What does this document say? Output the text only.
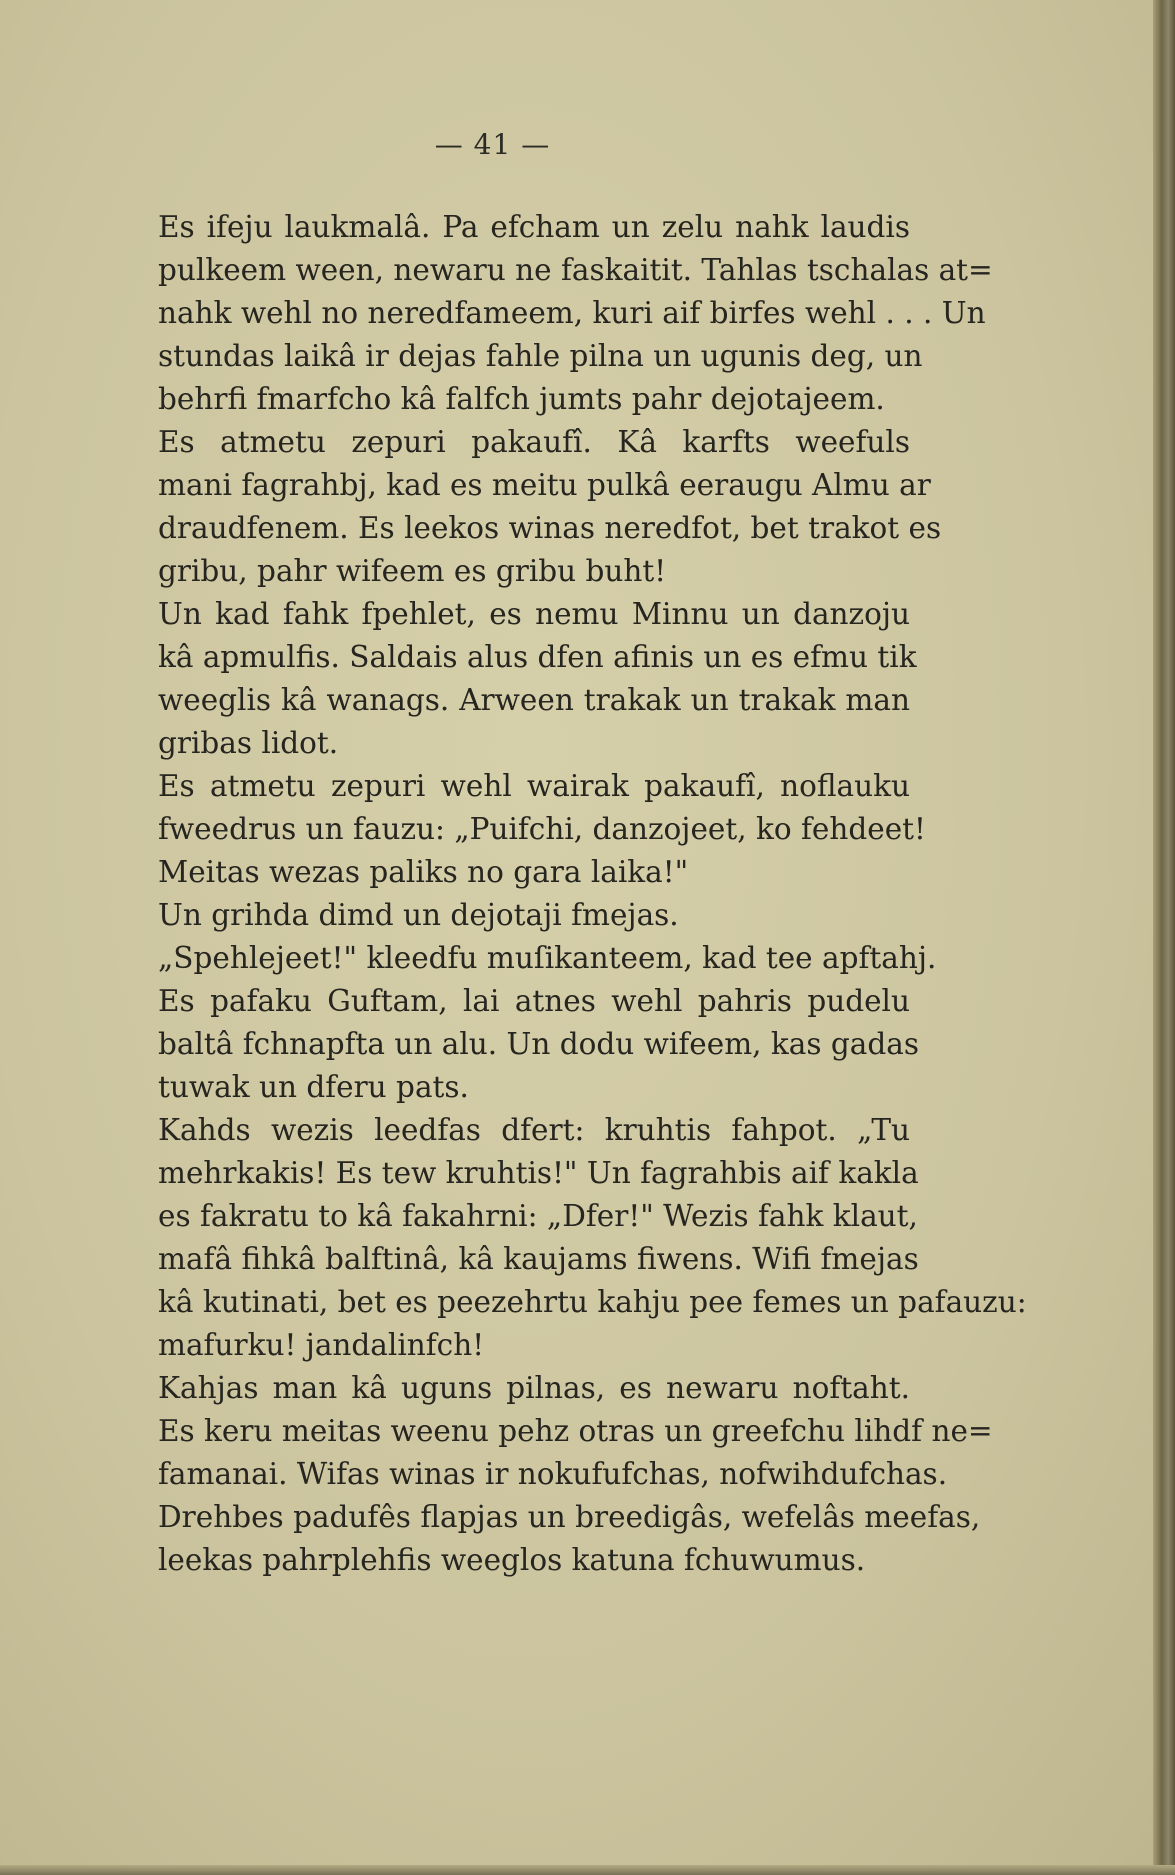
— 41 —
Es ifeju laukmalâ. Pa efcham un zelu nahk laudis
pulkeem ween, newaru ne faskaitit. Tahlas tschalas at=
nahk wehl no neredfameem, kuri aif birfes wehl . . . Un
stundas laikâ ir dejas fahle pilna un ugunis deg, un
behrfi fmarfcho kâ falfch jumts pahr dejotajeem.
Es atmetu zepuri pakaufî. Kâ karfts weefuls
mani fagrahbj, kad es meitu pulkâ eeraugu Almu ar
draudfenem. Es leekos winas neredfot, bet trakot es
gribu, pahr wifeem es gribu buht!
Un kad fahk fpehlet, es nemu Minnu un danzoju
kâ apmulfis. Saldais alus dfen afinis un es efmu tik
weeglis kâ wanags. Arween trakak un trakak man
gribas lidot.
Es atmetu zepuri wehl wairak pakaufî, noflauku
fweedrus un fauzu: „Puifchi, danzojeet, ko fehdeet!
Meitas wezas paliks no gara laika!"
Un grihda dimd un dejotaji fmejas.
„Spehlejeet!" kleedfu muſikanteem, kad tee apftahj.
Es pafaku Guftam, lai atnes wehl pahris pudelu
baltâ fchnapfta un alu. Un dodu wifeem, kas gadas
tuwak un dferu pats.
Kahds wezis leedfas dfert: kruhtis fahpot. „Tu
mehrkakis! Es tew kruhtis!" Un fagrahbis aif kakla
es fakratu to kâ fakahrni: „Dfer!" Wezis fahk klaut,
mafâ fihkâ balftinâ, kâ kaujams fiwens. Wifi fmejas
kâ kutinati, bet es peezehrtu kahju pee femes un pafauzu:
mafurku! jandalinfch!
Kahjas man kâ uguns pilnas, es newaru noftaht.
Es keru meitas weenu pehz otras un greefchu lihdf ne=
famanai. Wifas winas ir nokufufchas, nofwihdufchas.
Drehbes padufês flapjas un breedigâs, wefelâs meefas,
leekas pahrplehfis weeglos katuna fchuwumus.
